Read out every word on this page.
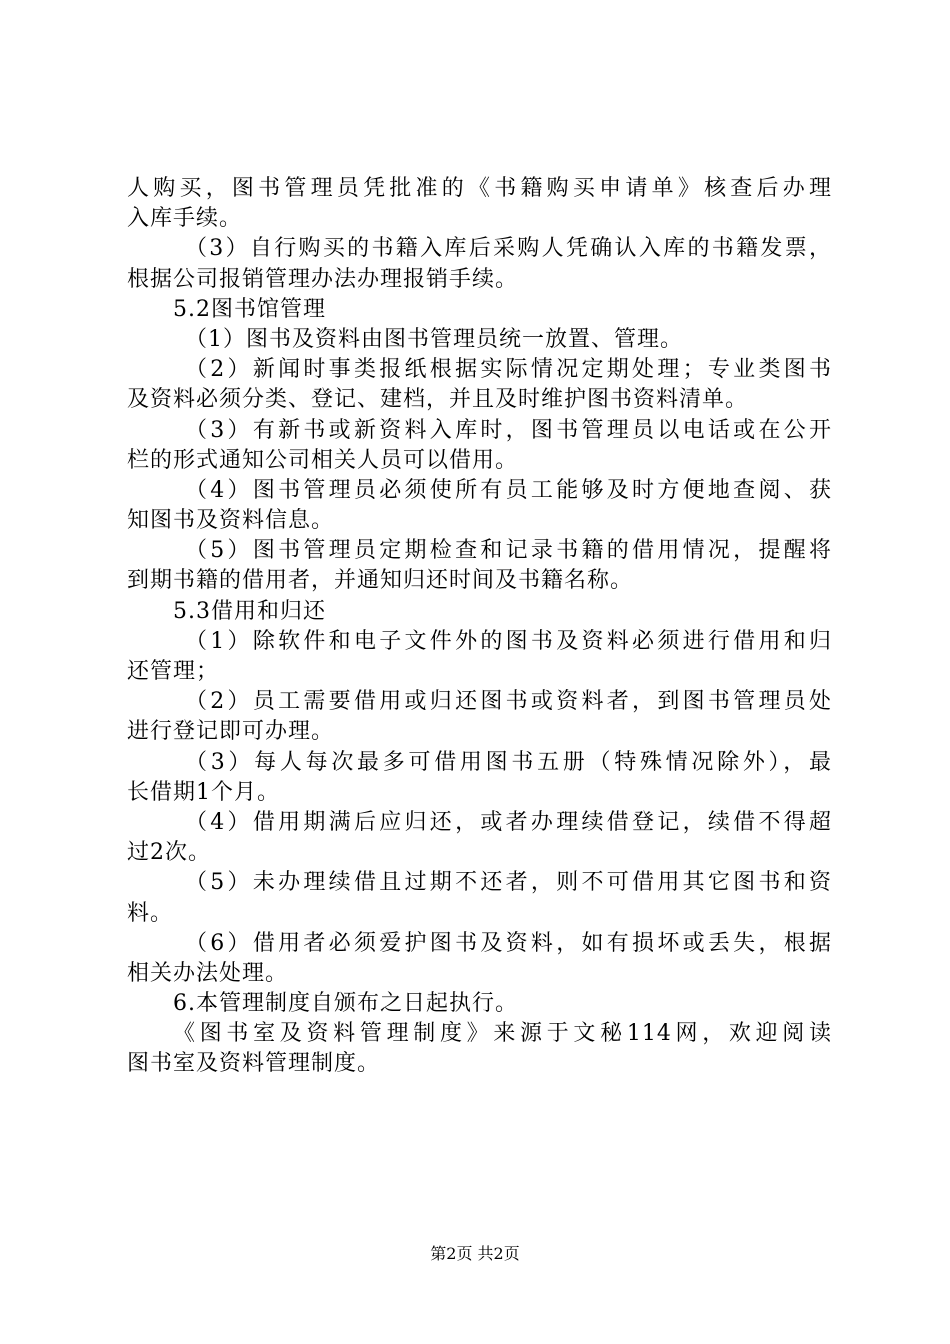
人购买，图书管理员凭批准的《书籍购买申请单》核查后办理
入库手续。
（3）自行购买的书籍入库后采购人凭确认入库的书籍发票，
根据公司报销管理办法办理报销手续。
5.2图书馆管理
（1）图书及资料由图书管理员统一放置、管理。
（2）新闻时事类报纸根据实际情况定期处理；专业类图书
及资料必须分类、登记、建档，并且及时维护图书资料清单。
（3）有新书或新资料入库时，图书管理员以电话或在公开
栏的形式通知公司相关人员可以借用。
（4）图书管理员必须使所有员工能够及时方便地查阅、获
知图书及资料信息。
（5）图书管理员定期检查和记录书籍的借用情况，提醒将
到期书籍的借用者，并通知归还时间及书籍名称。
5.3借用和归还
（1）除软件和电子文件外的图书及资料必须进行借用和归
还管理；
（2）员工需要借用或归还图书或资料者，到图书管理员处
进行登记即可办理。
（3）每人每次最多可借用图书五册（特殊情况除外），最
长借期1个月。
（4）借用期满后应归还，或者办理续借登记，续借不得超
过2次。
（5）未办理续借且过期不还者，则不可借用其它图书和资
料。
（6）借用者必须爱护图书及资料，如有损坏或丢失，根据
相关办法处理。
6.本管理制度自颁布之日起执行。
《图书室及资料管理制度》来源于文秘114网，欢迎阅读
图书室及资料管理制度。
第2页 共2页
